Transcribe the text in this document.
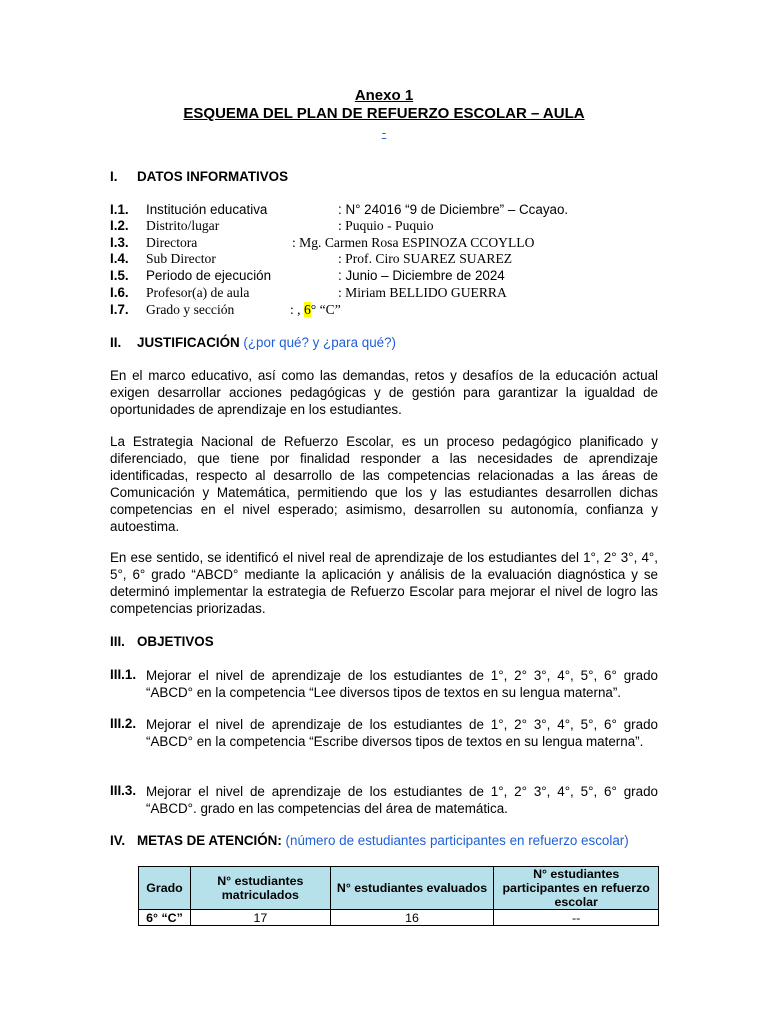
Anexo 1
ESQUEMA DEL PLAN DE REFUERZO ESCOLAR – AULA
-
I. DATOS INFORMATIVOS
I.1. Institución educativa	: N° 24016 “9 de Diciembre” – Ccayao.
I.2. Distrito/lugar	: Puquio - Puquio
I.3. Directora	: Mg. Carmen Rosa ESPINOZA CCOYLLO
I.4. Sub Director	: Prof. Ciro SUAREZ SUAREZ
I.5. Periodo de ejecución	: Junio – Diciembre de 2024
I.6. Profesor(a) de aula	: Miriam BELLIDO GUERRA
I.7. Grado y sección	: , 6° “C”
II. JUSTIFICACIÓN (¿por qué? y ¿para qué?)
En el marco educativo, así como las demandas, retos y desafíos de la educación actual exigen desarrollar acciones pedagógicas y de gestión para garantizar la igualdad de oportunidades de aprendizaje en los estudiantes.
La Estrategia Nacional de Refuerzo Escolar, es un proceso pedagógico planificado y diferenciado, que tiene por finalidad responder a las necesidades de aprendizaje identificadas, respecto al desarrollo de las competencias relacionadas a las áreas de Comunicación y Matemática, permitiendo que los y las estudiantes desarrollen dichas competencias en el nivel esperado; asimismo, desarrollen su autonomía, confianza y autoestima.
En ese sentido, se identificó el nivel real de aprendizaje de los estudiantes del 1°, 2° 3°, 4°, 5°, 6° grado “ABCD° mediante la aplicación y análisis de la evaluación diagnóstica y se determinó implementar la estrategia de Refuerzo Escolar para mejorar el nivel de logro las competencias priorizadas.
III. OBJETIVOS
III.1. Mejorar el nivel de aprendizaje de los estudiantes de 1°, 2° 3°, 4°, 5°, 6° grado “ABCD° en la competencia “Lee diversos tipos de textos en su lengua materna”.
III.2. Mejorar el nivel de aprendizaje de los estudiantes de 1°, 2° 3°, 4°, 5°, 6° grado “ABCD° en la competencia “Escribe diversos tipos de textos en su lengua materna”.
III.3. Mejorar el nivel de aprendizaje de los estudiantes de 1°, 2° 3°, 4°, 5°, 6° grado “ABCD°. grado en las competencias del área de matemática.
IV. METAS DE ATENCIÓN: (número de estudiantes participantes en refuerzo escolar)
Grado	N° estudiantes matriculados	N° estudiantes evaluados	N° estudiantes participantes en refuerzo escolar
6° “C”	17	16	--
